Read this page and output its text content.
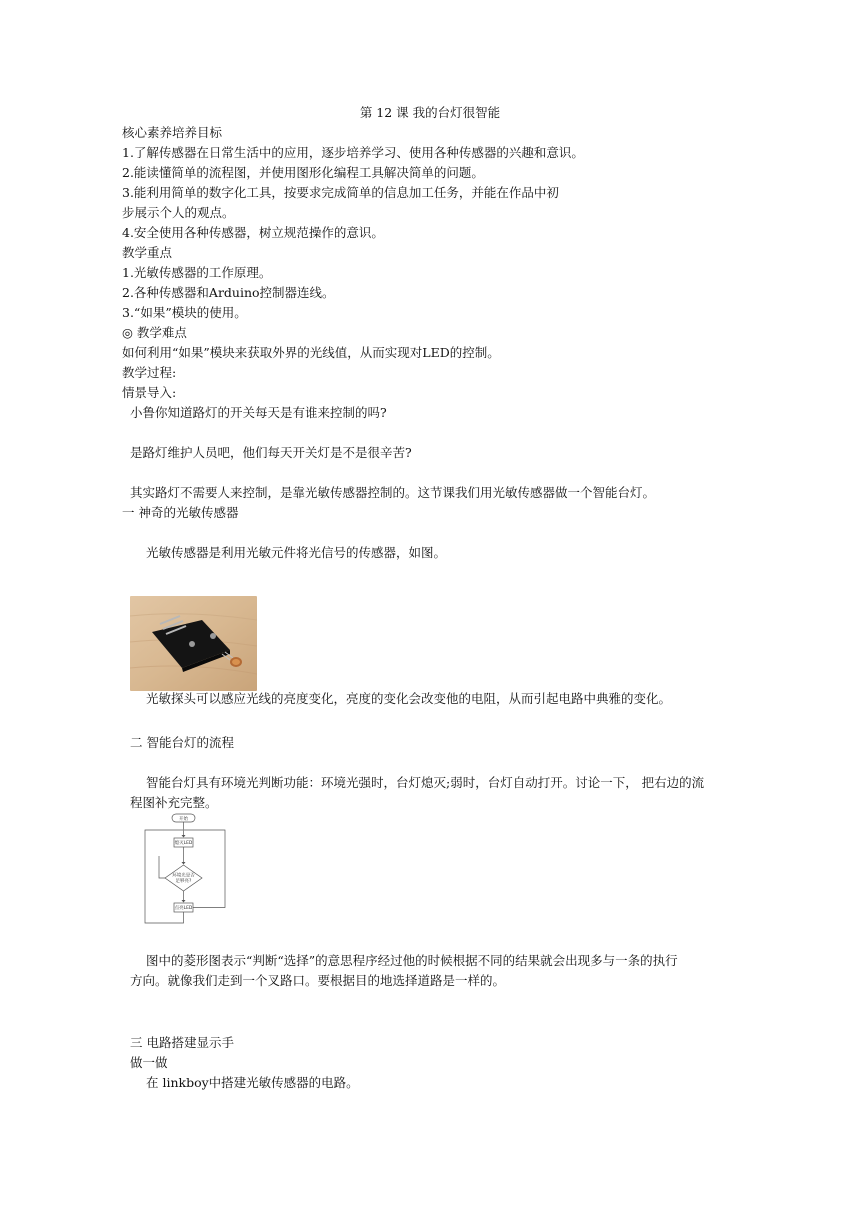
第 12 课 我的台灯很智能
核心素养培养目标
1.了解传感器在日常生活中的应用，逐步培养学习、使用各种传感器的兴趣和意识。
2.能读懂简单的流程图，并使用图形化编程工具解决简单的问题。
3.能利用简单的数字化工具，按要求完成简单的信息加工任务，并能在作品中初
步展示个人的观点。
4.安全使用各种传感器，树立规范操作的意识。
教学重点
1.光敏传感器的工作原理。
2.各种传感器和Arduino控制器连线。
3.“如果”模块的使用。
◎ 教学难点
如何利用“如果”模块来获取外界的光线值，从而实现对LED的控制。
教学过程:
情景导入:
小鲁你知道路灯的开关每天是有谁来控制的吗?
是路灯维护人员吧，他们每天开关灯是不是很辛苦?
其实路灯不需要人来控制，是靠光敏传感器控制的。这节课我们用光敏传感器做一个智能台灯。
一 神奇的光敏传感器
光敏传感器是利用光敏元件将光信号的传感器，如图。
光敏探头可以感应光线的亮度变化，亮度的变化会改变他的电阻，从而引起电路中典雅的变化。
二 智能台灯的流程
智能台灯具有环境光判断功能：环境光强时，台灯熄灭;弱时，台灯自动打开。讨论一下， 把右边的流
程图补充完整。
开始
熄灭LED
环境光是否
足够亮?
点亮LED
图中的菱形图表示“判断“选择”的意思程序经过他的时候根据不同的结果就会出现多与一条的执行
方向。就像我们走到一个叉路口。要根据目的地选择道路是一样的。
三 电路搭建显示手
做一做
在 linkboy中搭建光敏传感器的电路。
